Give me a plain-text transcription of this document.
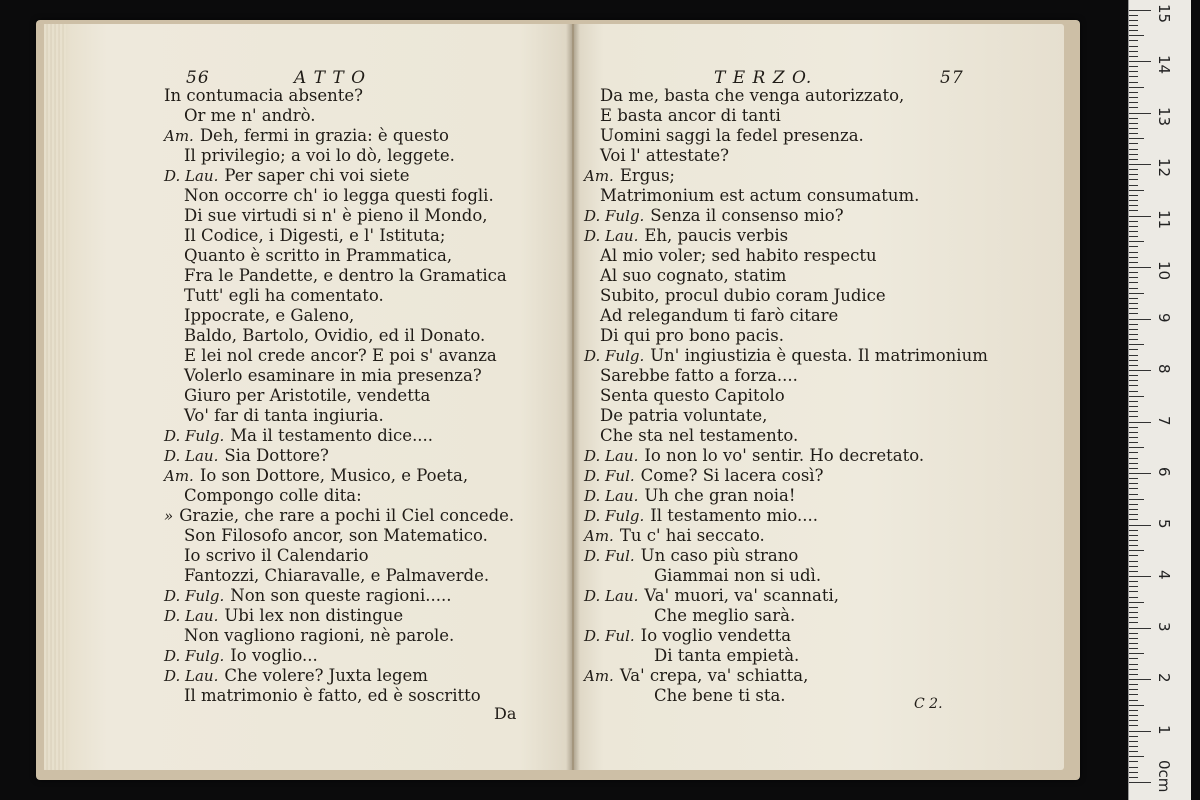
56	A T T O
In contumacia absente?
Or me n' andrò.
Am. Deh, fermi in grazia: è questo
Il privilegio; a voi lo dò, leggete.
D. Lau. Per saper chi voi siete
Non occorre ch' io legga questi fogli.
Di sue virtudi si n' è pieno il Mondo,
Il Codice, i Digesti, e l' Istituta;
Quanto è scritto in Prammatica,
Fra le Pandette, e dentro la Gramatica
Tutt' egli ha comentato.
Ippocrate, e Galeno,
Baldo, Bartolo, Ovidio, ed il Donato.
E lei nol crede ancor? E poi s' avanza
Volerlo esaminare in mia presenza?
Giuro per Aristotile, vendetta
Vo' far di tanta ingiuria.
D. Fulg. Ma il testamento dice....
D. Lau. Sia Dottore?
Am. Io son Dottore, Musico, e Poeta,
Compongo colle dita:
» Grazie, che rare a pochi il Ciel concede.
Son Filosofo ancor, son Matematico.
Io scrivo il Calendario
Fantozzi, Chiaravalle, e Palmaverde.
D. Fulg. Non son queste ragioni.....
D. Lau. Ubi lex non distingue
Non vagliono ragioni, nè parole.
D. Fulg. Io voglio...
D. Lau. Che volere? Juxta legem
Il matrimonio è fatto, ed è soscritto
Da
T E R Z O.	57
Da me, basta che venga autorizzato,
E basta ancor di tanti
Uomini saggi la fedel presenza.
Voi l' attestate?
Am. Ergus;
Matrimonium est actum consumatum.
D. Fulg. Senza il consenso mio?
D. Lau. Eh, paucis verbis
Al mio voler; sed habito respectu
Al suo cognato, statim
Subito, procul dubio coram Judice
Ad relegandum ti farò citare
Di qui pro bono pacis.
D. Fulg. Un' ingiustizia è questa. Il matrimonium
Sarebbe fatto a forza....
Senta questo Capitolo
De patria voluntate,
Che sta nel testamento.
D. Lau. Io non lo vo' sentir. Ho decretato.
D. Ful. Come? Si lacera così?
D. Lau. Uh che gran noia!
D. Fulg. Il testamento mio....
Am. Tu c' hai seccato.
D. Ful. Un caso più strano
Giammai non si udì.
D. Lau. Va' muori, va' scannati,
Che meglio sarà.
D. Ful. Io voglio vendetta
Di tanta empietà.
Am. Va' crepa, va' schiatta,
Che bene ti sta.	C 2.
0cm
1
2
3
4
5
6
7
8
9
10
11
12
13
14
15
